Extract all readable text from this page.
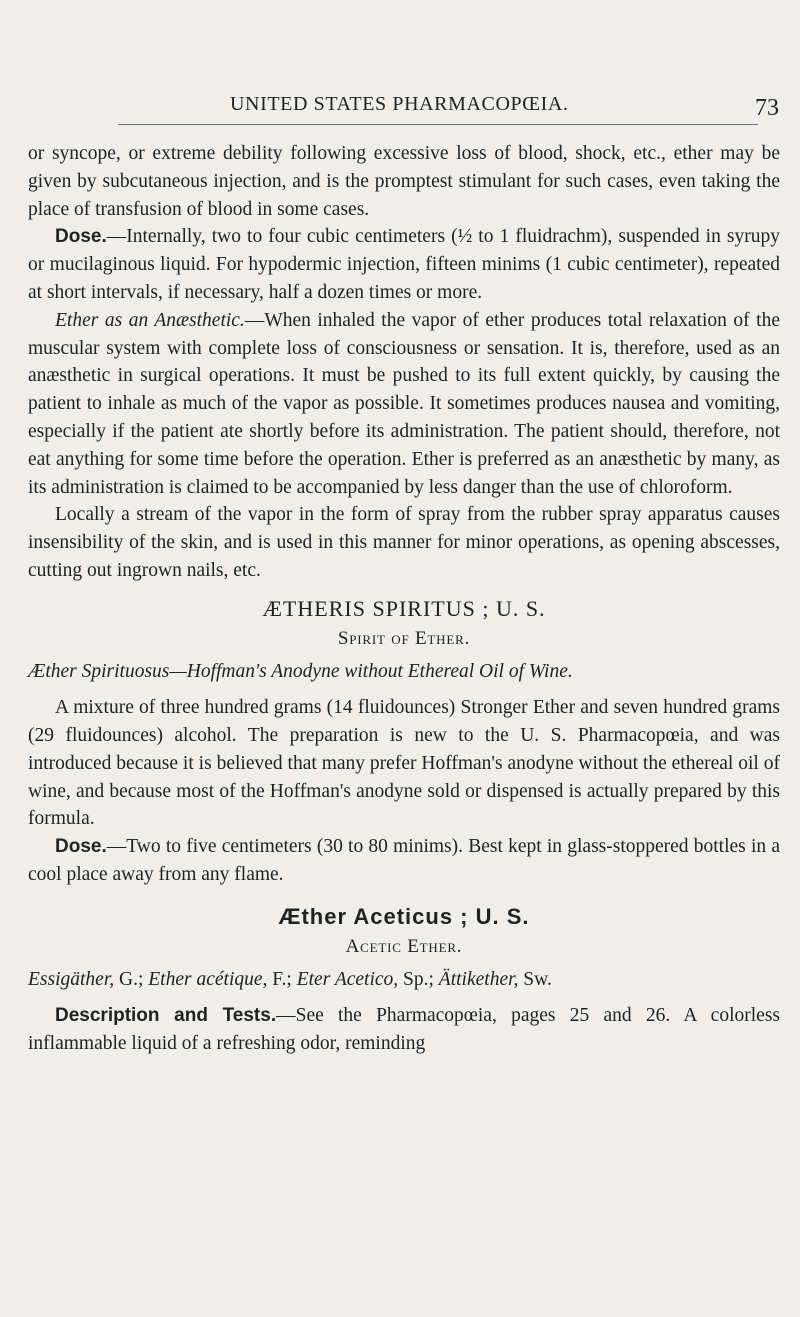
UNITED STATES PHARMACOPŒIA.	73

or syncope, or extreme debility following excessive loss of blood, shock, etc., ether may be given by subcutaneous injection, and is the promptest stimulant for such cases, even taking the place of transfusion of blood in some cases.

Dose.—Internally, two to four cubic centimeters (½ to 1 fluidrachm), suspended in syrupy or mucilaginous liquid. For hypodermic injection, fifteen minims (1 cubic centimeter), repeated at short intervals, if necessary, half a dozen times or more.

Ether as an Anæsthetic.—When inhaled the vapor of ether produces total relaxation of the muscular system with complete loss of consciousness or sensation. It is, therefore, used as an anæsthetic in surgical operations. It must be pushed to its full extent quickly, by causing the patient to inhale as much of the vapor as possible. It sometimes produces nausea and vomiting, especially if the patient ate shortly before its administration. The patient should, therefore, not eat anything for some time before the operation. Ether is preferred as an anæsthetic by many, as its administration is claimed to be accompanied by less danger than the use of chloroform.

Locally a stream of the vapor in the form of spray from the rubber spray apparatus causes insensibility of the skin, and is used in this manner for minor operations, as opening abscesses, cutting out ingrown nails, etc.

ÆTHERIS SPIRITUS ; U. S.

Spirit of Ether.

Æther Spirituosus—Hoffman's Anodyne without Ethereal Oil of Wine.

A mixture of three hundred grams (14 fluidounces) Stronger Ether and seven hundred grams (29 fluidounces) alcohol. The preparation is new to the U. S. Pharmacopœia, and was introduced because it is believed that many prefer Hoffman's anodyne without the ethereal oil of wine, and because most of the Hoffman's anodyne sold or dispensed is actually prepared by this formula.

Dose.—Two to five centimeters (30 to 80 minims). Best kept in glass-stoppered bottles in a cool place away from any flame.

Æther Aceticus ; U. S.

Acetic Ether.

Essigäther, G.; Ether acétique, F.; Eter Acetico, Sp.; Ättikether, Sw.

Description and Tests.—See the Pharmacopœia, pages 25 and 26. A colorless inflammable liquid of a refreshing odor, reminding
